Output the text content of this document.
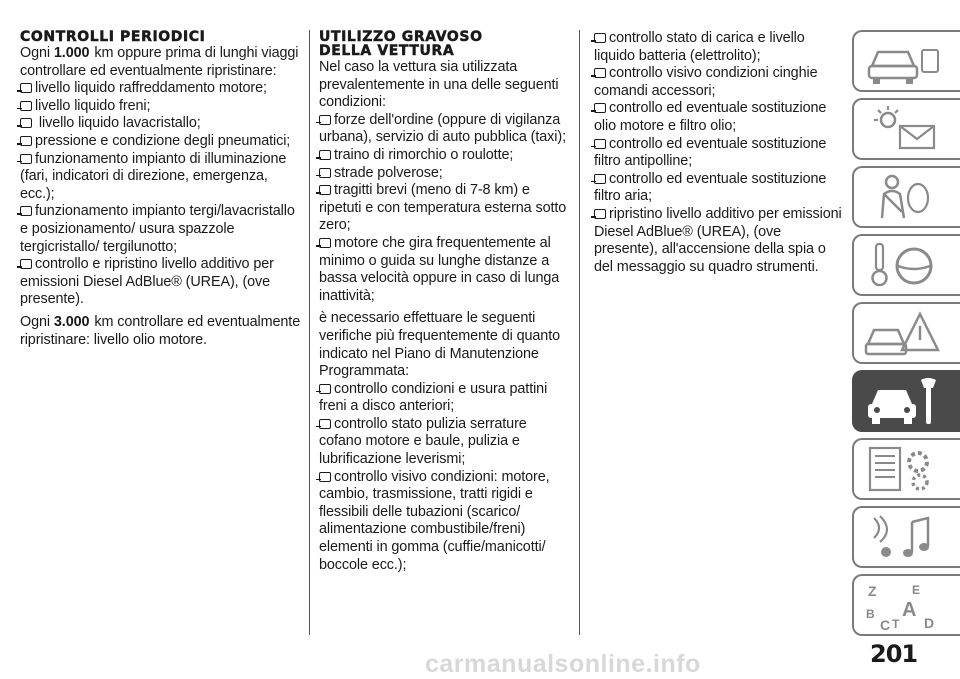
CONTROLLI PERIODICI

Ogni 1.000 km oppure prima di lunghi viaggi controllare ed eventualmente ripristinare:

livello liquido raffreddamento motore;

livello liquido freni;

livello liquido lavacristallo;

pressione e condizione degli pneumatici;

funzionamento impianto di illuminazione (fari, indicatori di direzione, emergenza, ecc.);

funzionamento impianto tergi/lavacristallo e posizionamento/ usura spazzole tergicristallo/ tergilunotto;

controllo e ripristino livello additivo per emissioni Diesel AdBlue® (UREA), (ove presente).

Ogni 3.000 km controllare ed eventualmente ripristinare: livello olio motore.

UTILIZZO GRAVOSO
DELLA VETTURA

Nel caso la vettura sia utilizzata prevalentemente in una delle seguenti condizioni:

forze dell'ordine (oppure di vigilanza urbana), servizio di auto pubblica (taxi);

traino di rimorchio o roulotte;

strade polverose;

tragitti brevi (meno di 7-8 km) e ripetuti e con temperatura esterna sotto zero;

motore che gira frequentemente al minimo o guida su lunghe distanze a bassa velocità oppure in caso di lunga inattività;

è necessario effettuare le seguenti verifiche più frequentemente di quanto indicato nel Piano di Manutenzione Programmata:

controllo condizioni e usura pattini freni a disco anteriori;

controllo stato pulizia serrature cofano motore e baule, pulizia e lubrificazione leverismi;

controllo visivo condizioni: motore, cambio, trasmissione, tratti rigidi e flessibili delle tubazioni (scarico/ alimentazione combustibile/freni) elementi in gomma (cuffie/manicotti/ boccole ecc.);

controllo stato di carica e livello liquido batteria (elettrolito);

controllo visivo condizioni cinghie comandi accessori;

controllo ed eventuale sostituzione olio motore e filtro olio;

controllo ed eventuale sostituzione filtro antipolline;

controllo ed eventuale sostituzione filtro aria;

ripristino livello additivo per emissioni Diesel AdBlue® (UREA), (ove presente), all'accensione della spia o del messaggio su quadro strumenti.

Z	E
B A
C T D
carmanualsonline.info	201
